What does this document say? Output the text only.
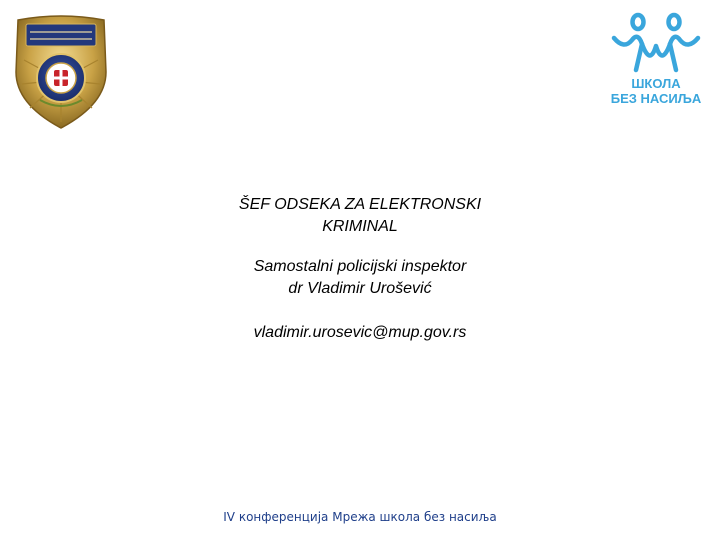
ШКОЛА
БЕЗ НАСИЉА
ŠEF ODSEKA ZA ELEKTRONSKI
KRIMINAL
Samostalni policijski inspektor
dr Vladimir Urošević
vladimir.urosevic@mup.gov.rs
IV конференција Мрежа школа без насиља
